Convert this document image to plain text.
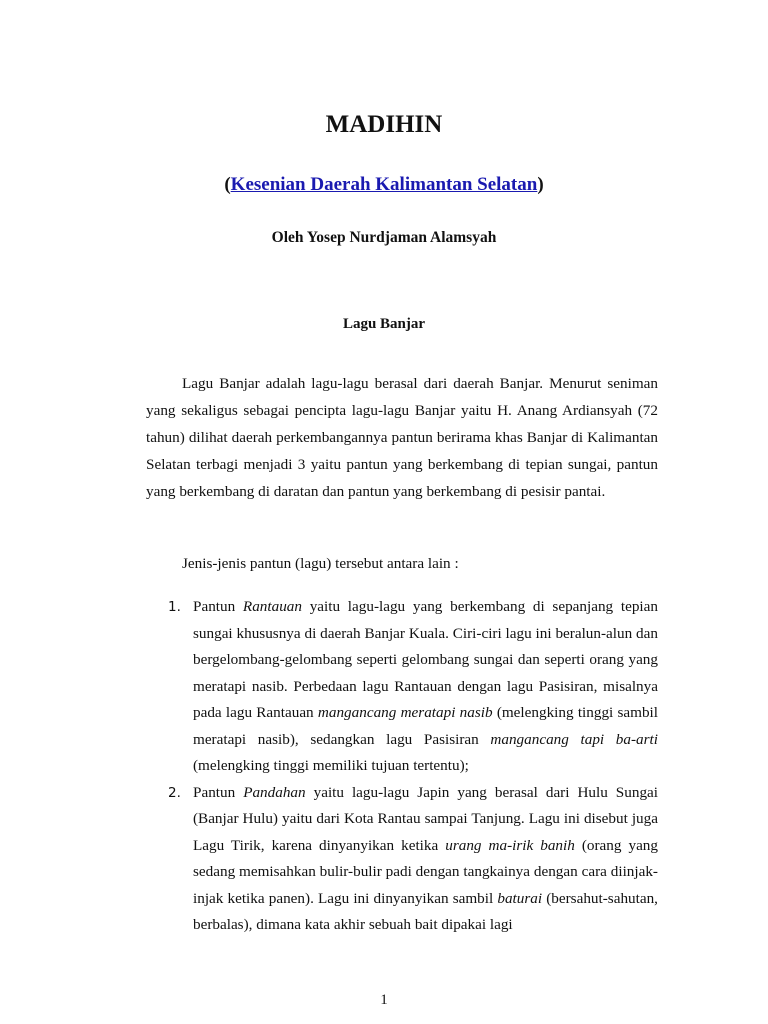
MADIHIN
(Kesenian Daerah Kalimantan Selatan)
Oleh Yosep Nurdjaman Alamsyah
Lagu Banjar

Lagu Banjar adalah lagu-lagu berasal dari daerah Banjar. Menurut seniman yang sekaligus sebagai pencipta lagu-lagu Banjar yaitu H. Anang Ardiansyah (72 tahun) dilihat daerah perkembangannya pantun berirama khas Banjar di Kalimantan Selatan terbagi menjadi 3 yaitu pantun yang berkembang di tepian sungai, pantun yang berkembang di daratan dan pantun yang berkembang di pesisir pantai.

Jenis-jenis pantun (lagu) tersebut antara lain :

1. Pantun Rantauan yaitu lagu-lagu yang berkembang di sepanjang tepian sungai khususnya di daerah Banjar Kuala. Ciri-ciri lagu ini beralun-alun dan bergelombang-gelombang seperti gelombang sungai dan seperti orang yang meratapi nasib. Perbedaan lagu Rantauan dengan lagu Pasisiran, misalnya pada lagu Rantauan mangancang meratapi nasib (melengking tinggi sambil meratapi nasib), sedangkan lagu Pasisiran mangancang tapi ba-arti (melengking tinggi memiliki tujuan tertentu);
2. Pantun Pandahan yaitu lagu-lagu Japin yang berasal dari Hulu Sungai (Banjar Hulu) yaitu dari Kota Rantau sampai Tanjung. Lagu ini disebut juga Lagu Tirik, karena dinyanyikan ketika urang ma-irik banih (orang yang sedang memisahkan bulir-bulir padi dengan tangkainya dengan cara diinjak-injak ketika panen). Lagu ini dinyanyikan sambil baturai (bersahut-sahutan, berbalas), dimana kata akhir sebuah bait dipakai lagi
1
